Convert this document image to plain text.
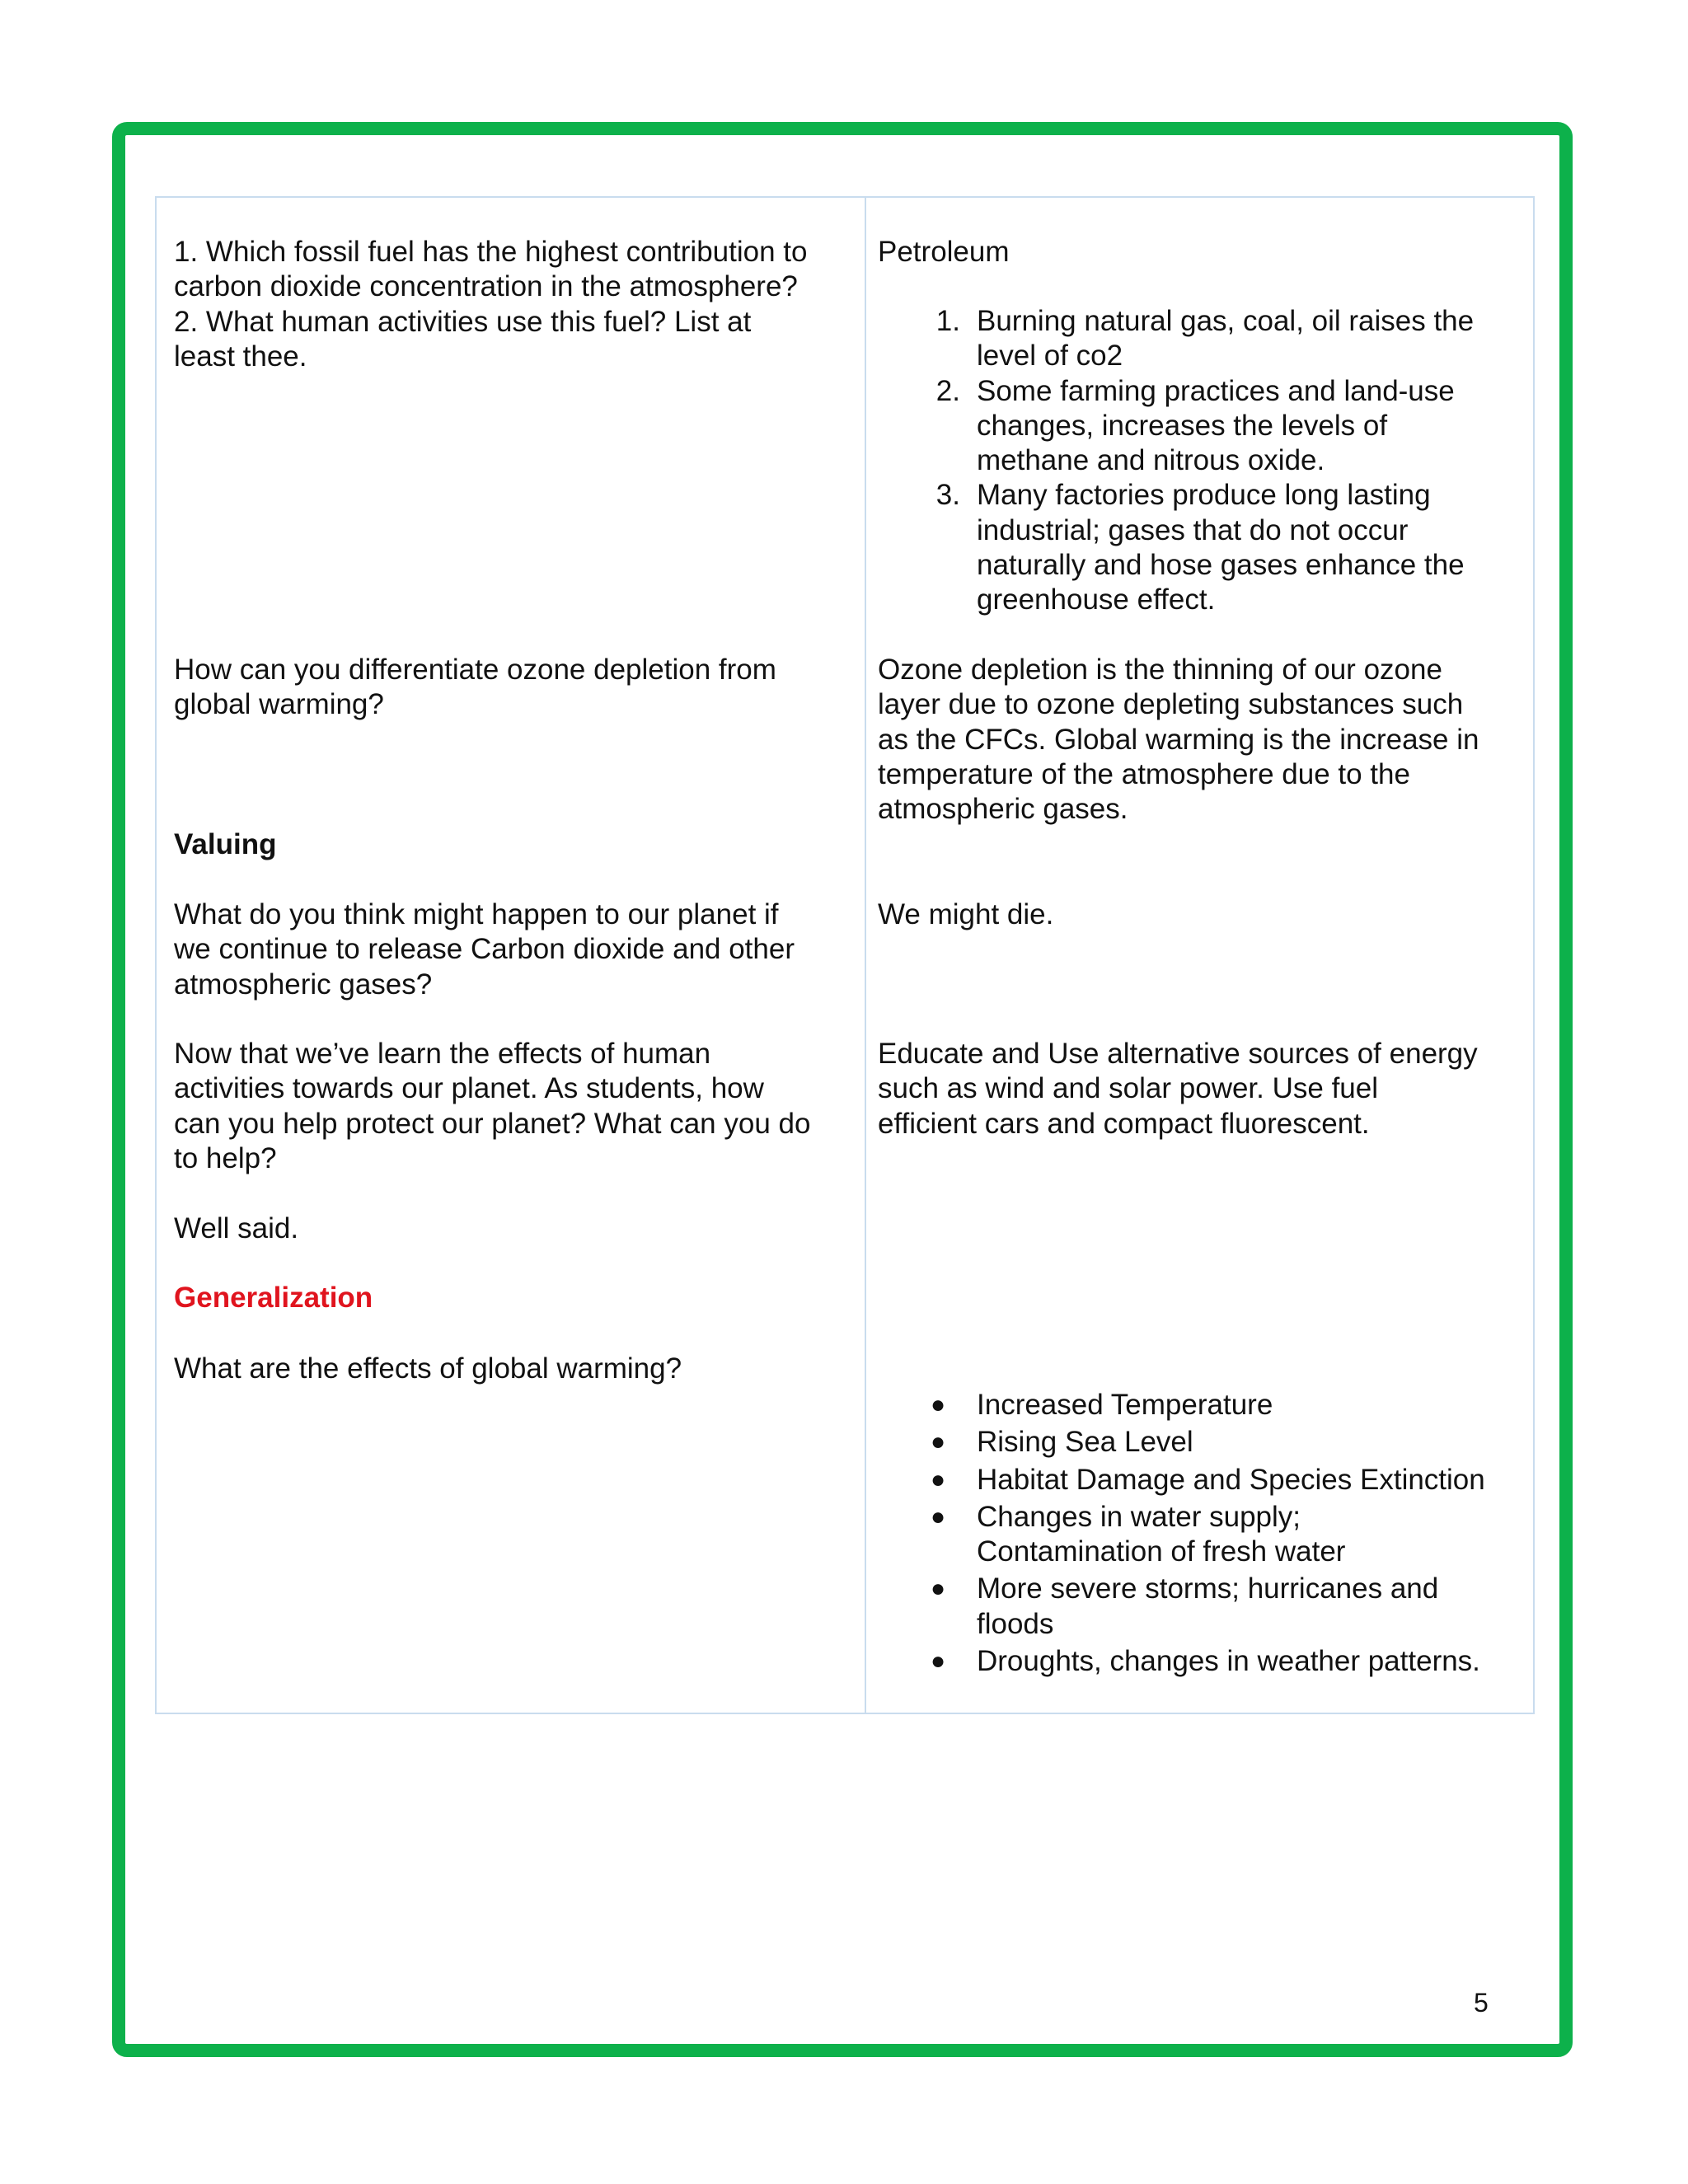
1. Which fossil fuel has the highest contribution to
carbon dioxide concentration in the atmosphere?
2. What human activities use this fuel? List at
least thee.
How can you differentiate ozone depletion from
global warming?
Valuing
What do you think might happen to our planet if
we continue to release Carbon dioxide and other
atmospheric gases?
Now that we’ve learn the effects of human
activities towards our planet. As students, how
can you help protect our planet? What can you do
to help?
Well said.
Generalization
What are the effects of global warming?
Petroleum
1. Burning natural gas, coal, oil raises the
level of co2
2. Some farming practices and land-use
changes, increases the levels of
methane and nitrous oxide.
3. Many factories produce long lasting
industrial; gases that do not occur
naturally and hose gases enhance the
greenhouse effect.
Ozone depletion is the thinning of our ozone
layer due to ozone depleting substances such
as the CFCs. Global warming is the increase in
temperature of the atmosphere due to the
atmospheric gases.
We might die.
Educate and Use alternative sources of energy
such as wind and solar power. Use fuel
efficient cars and compact fluorescent.
● Increased Temperature
● Rising Sea Level
● Habitat Damage and Species Extinction
● Changes in water supply;
Contamination of fresh water
● More severe storms; hurricanes and
floods
● Droughts, changes in weather patterns.
5
